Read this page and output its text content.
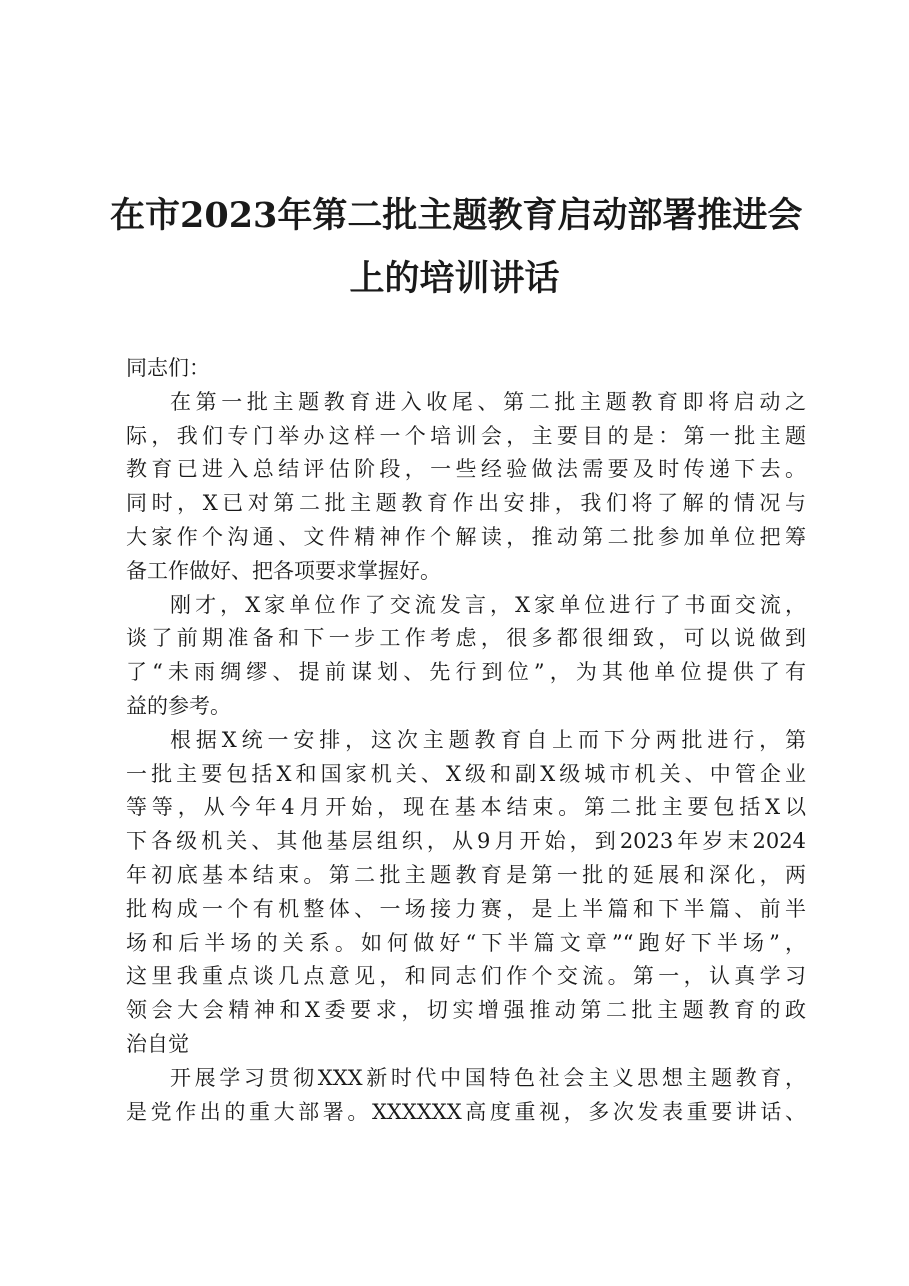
在市2023年第二批主题教育启动部署推进会
上的培训讲话
同志们：
在第一批主题教育进入收尾、第二批主题教育即将启动之
际，我们专门举办这样一个培训会，主要目的是：第一批主题
教育已进入总结评估阶段，一些经验做法需要及时传递下去。
同时，X已对第二批主题教育作出安排，我们将了解的情况与
大家作个沟通、文件精神作个解读，推动第二批参加单位把筹
备工作做好、把各项要求掌握好。
刚才，X家单位作了交流发言，X家单位进行了书面交流，
谈了前期准备和下一步工作考虑，很多都很细致，可以说做到
了“未雨绸缪、提前谋划、先行到位”，为其他单位提供了有
益的参考。
根据X统一安排，这次主题教育自上而下分两批进行，第
一批主要包括X和国家机关、X级和副X级城市机关、中管企业
等等，从今年4月开始，现在基本结束。第二批主要包括X以
下各级机关、其他基层组织，从9月开始，到2023年岁末2024
年初底基本结束。第二批主题教育是第一批的延展和深化，两
批构成一个有机整体、一场接力赛，是上半篇和下半篇、前半
场和后半场的关系。如何做好“下半篇文章”“跑好下半场”，
这里我重点谈几点意见，和同志们作个交流。第一，认真学习
领会大会精神和X委要求，切实增强推动第二批主题教育的政
治自觉
开展学习贯彻XXX新时代中国特色社会主义思想主题教育，
是党作出的重大部署。XXXXXX高度重视，多次发表重要讲话、
